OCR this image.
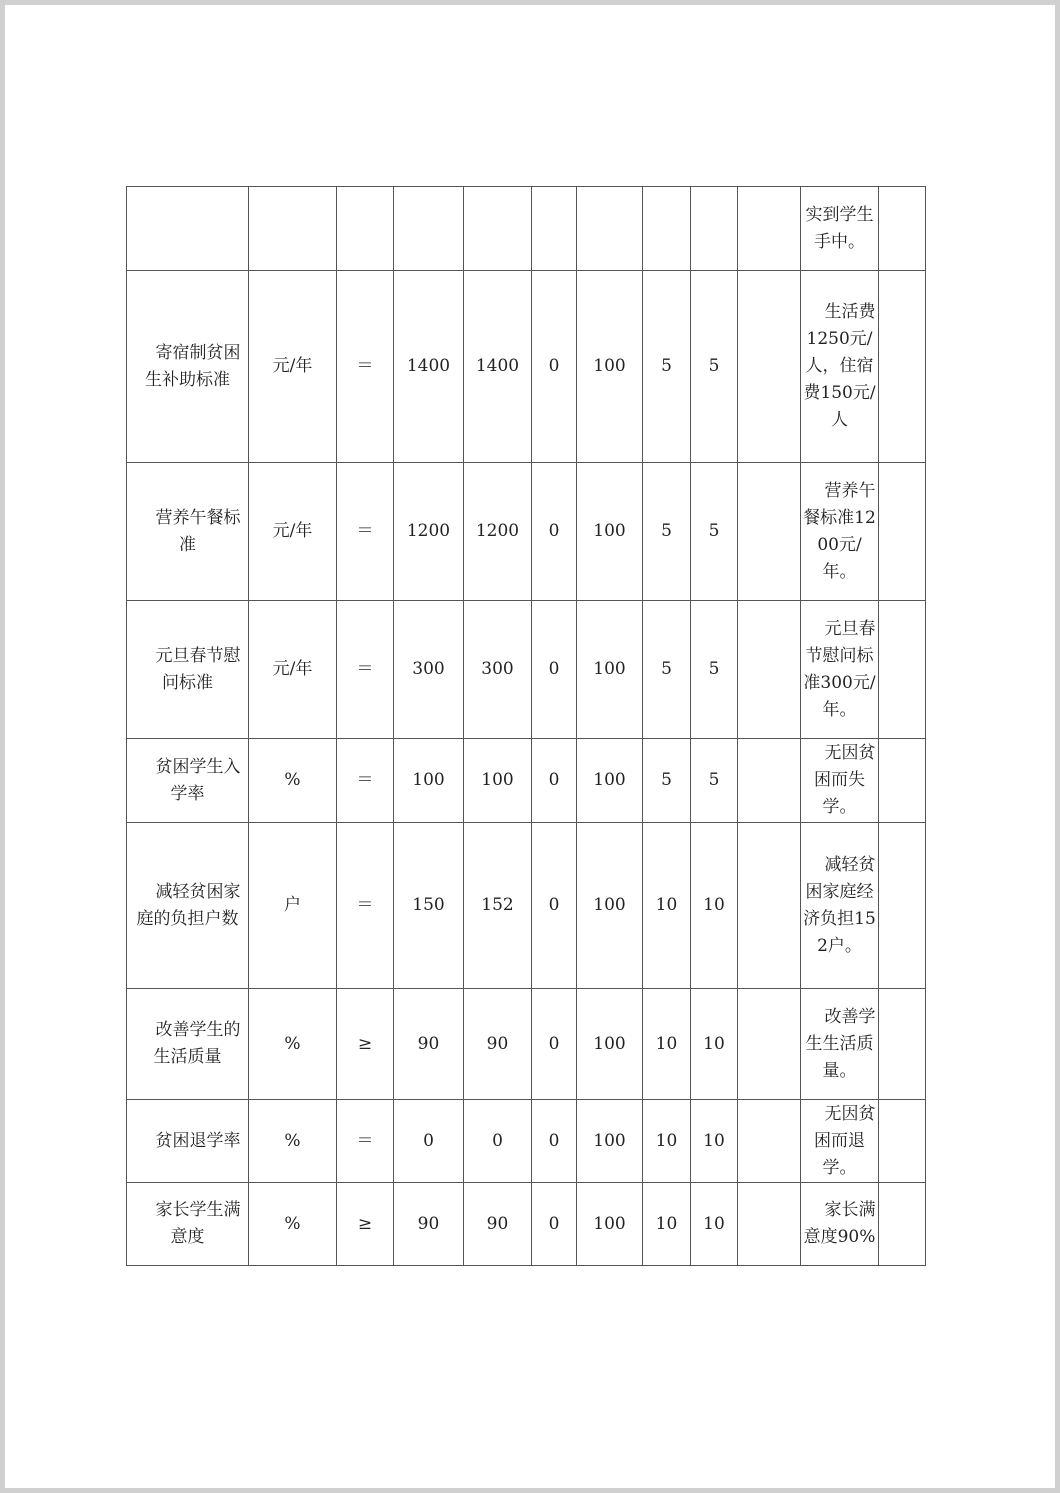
										实到学生手中。	
寄宿制贫困生补助标准	元/年	＝	1400	1400	0	100	5	5		生活费1250元/人，住宿费150元/人	
营养午餐标准	元/年	＝	1200	1200	0	100	5	5		营养午餐标准1200元/年。	
元旦春节慰问标准	元/年	＝	300	300	0	100	5	5		元旦春节慰问标准300元/年。	
贫困学生入学率	%	＝	100	100	0	100	5	5		无因贫困而失学。	
减轻贫困家庭的负担户数	户	＝	150	152	0	100	10	10		减轻贫困家庭经济负担152户。	
改善学生的生活质量	%	≥	90	90	0	100	10	10		改善学生生活质量。	
贫困退学率	%	＝	0	0	0	100	10	10		无因贫困而退学。	
家长学生满意度	%	≥	90	90	0	100	10	10		家长满意度90%	
